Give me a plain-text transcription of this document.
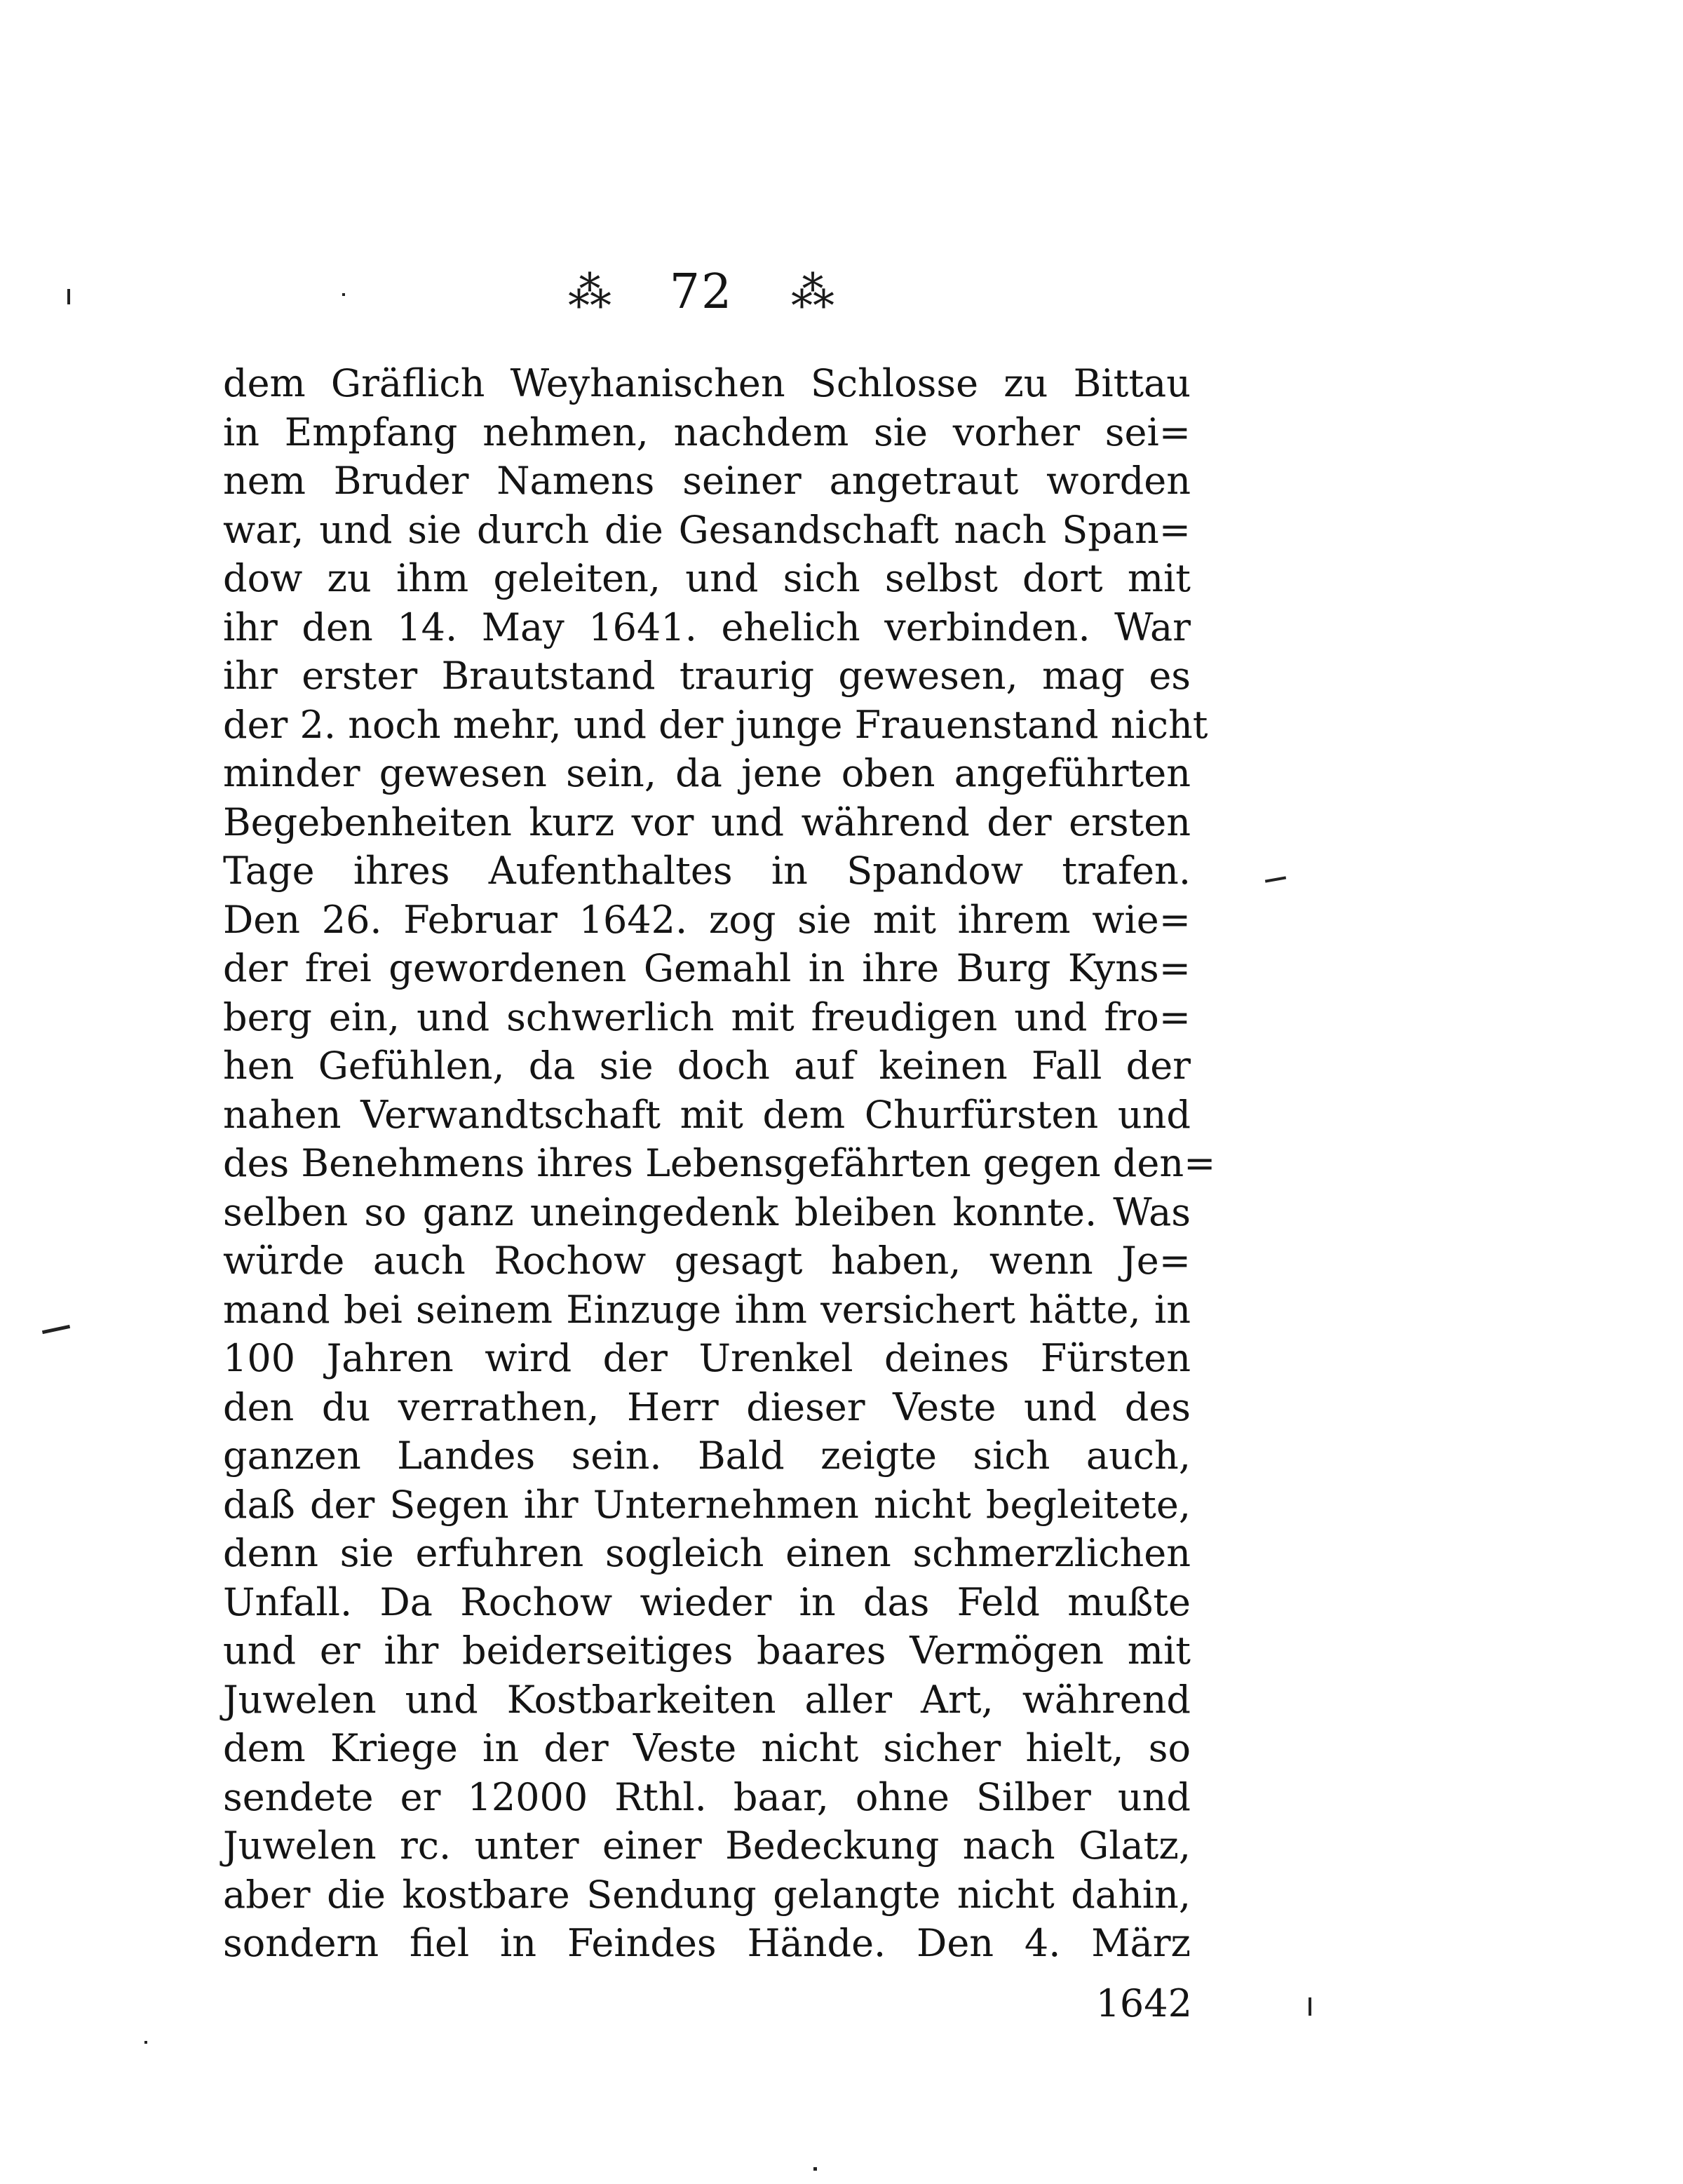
⁂ 72 ⁂
dem Gräflich Weyhanischen Schlosse zu Bittau
in Empfang nehmen, nachdem sie vorher sei=
nem Bruder Namens seiner angetraut worden
war, und sie durch die Gesandschaft nach Span=
dow zu ihm geleiten, und sich selbst dort mit
ihr den 14. May 1641. ehelich verbinden. War
ihr erster Brautstand traurig gewesen, mag es
der 2. noch mehr, und der junge Frauenstand nicht
minder gewesen sein, da jene oben angeführten
Begebenheiten kurz vor und während der ersten
Tage ihres Aufenthaltes in Spandow trafen.
Den 26. Februar 1642. zog sie mit ihrem wie=
der frei gewordenen Gemahl in ihre Burg Kyns=
berg ein, und schwerlich mit freudigen und fro=
hen Gefühlen, da sie doch auf keinen Fall der
nahen Verwandtschaft mit dem Churfürsten und
des Benehmens ihres Lebensgefährten gegen den=
selben so ganz uneingedenk bleiben konnte. Was
würde auch Rochow gesagt haben, wenn Je=
mand bei seinem Einzuge ihm versichert hätte, in
100 Jahren wird der Urenkel deines Fürsten
den du verrathen, Herr dieser Veste und des
ganzen Landes sein. Bald zeigte sich auch,
daß der Segen ihr Unternehmen nicht begleitete,
denn sie erfuhren sogleich einen schmerzlichen
Unfall. Da Rochow wieder in das Feld mußte
und er ihr beiderseitiges baares Vermögen mit
Juwelen und Kostbarkeiten aller Art, während
dem Kriege in der Veste nicht sicher hielt, so
sendete er 12000 Rthl. baar, ohne Silber und
Juwelen rc. unter einer Bedeckung nach Glatz,
aber die kostbare Sendung gelangte nicht dahin,
sondern fiel in Feindes Hände. Den 4. März
1642
